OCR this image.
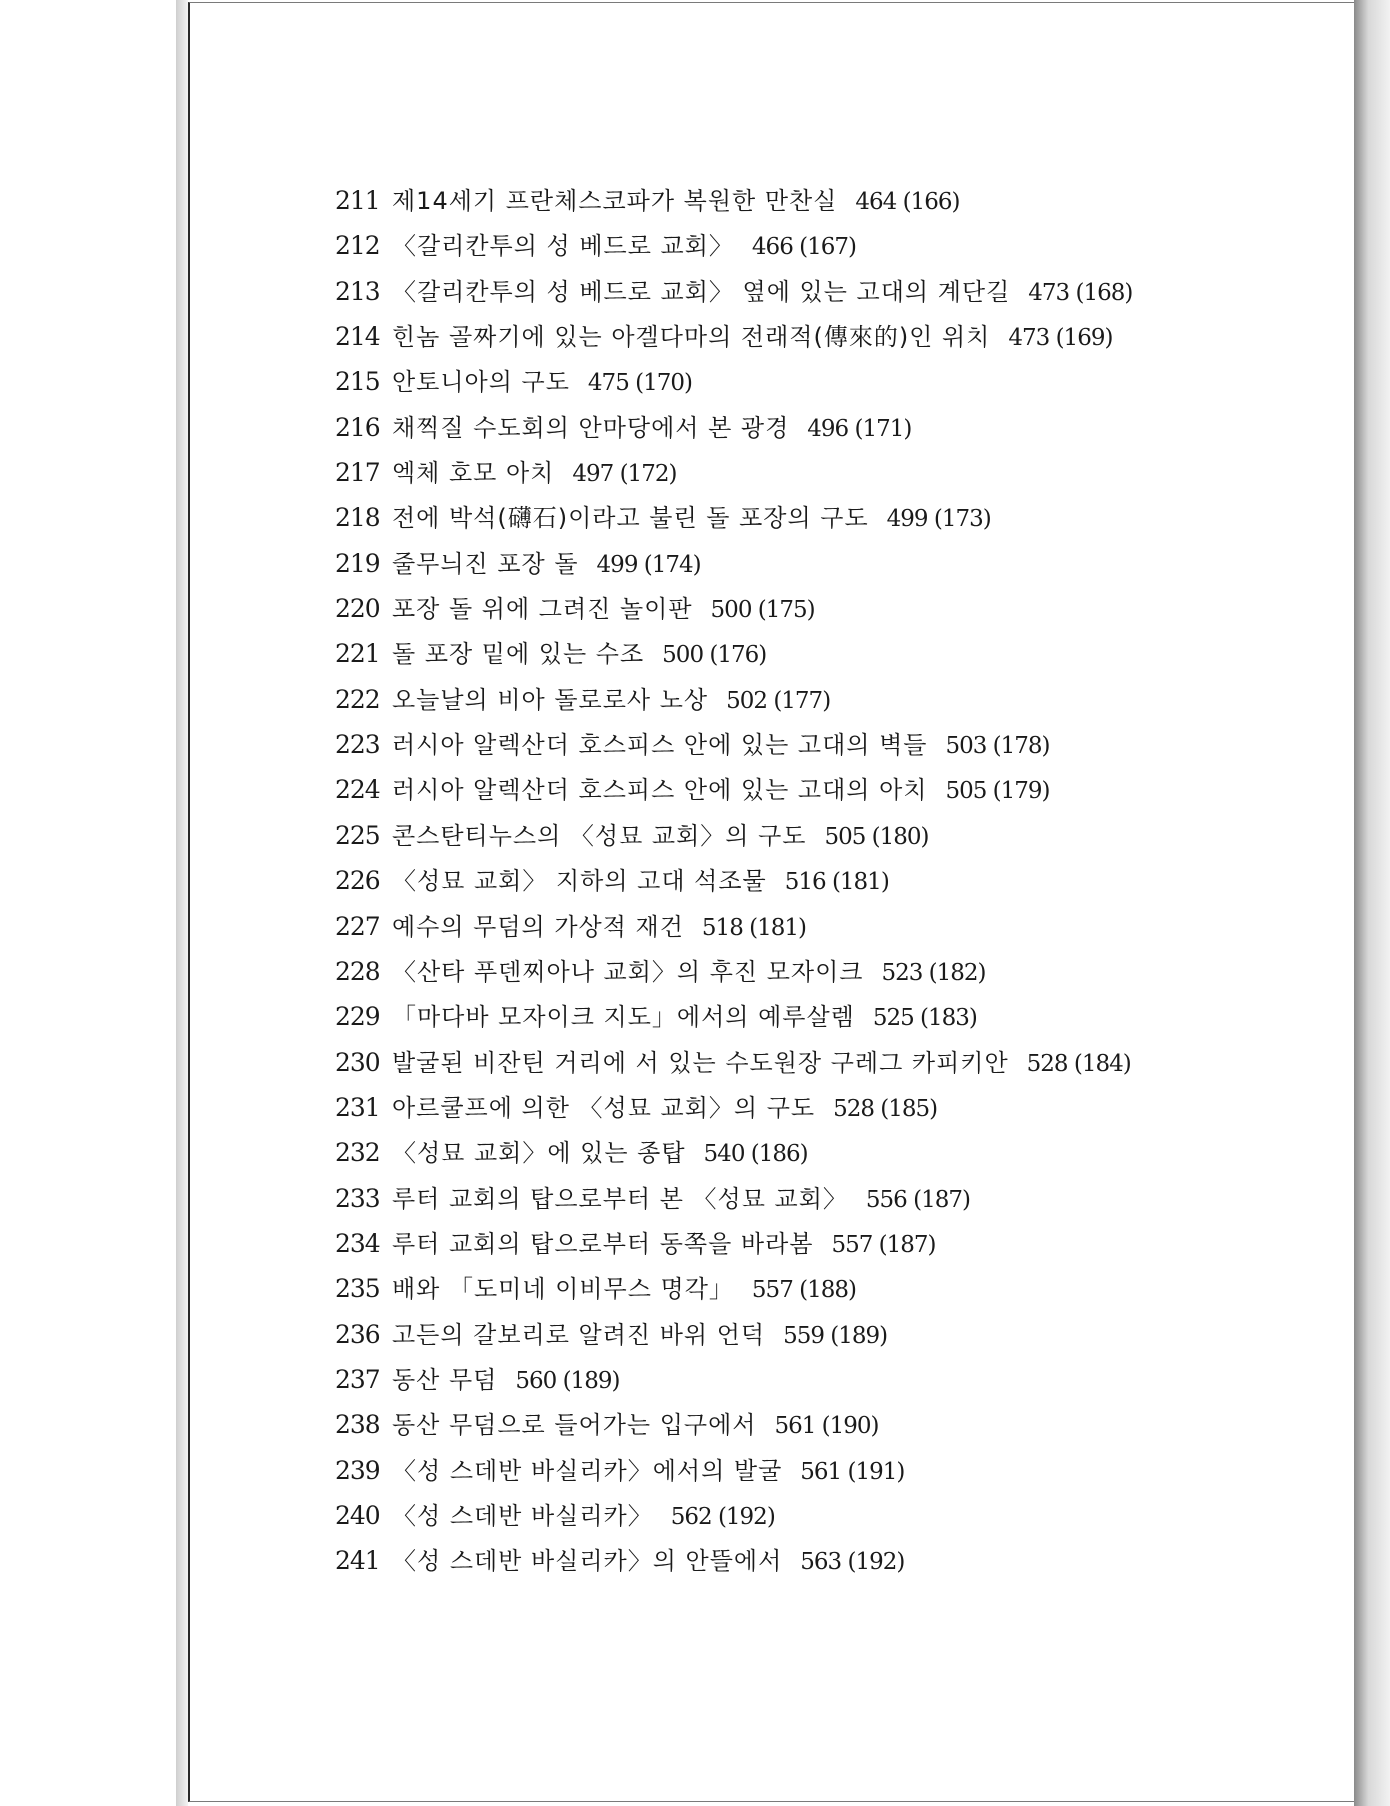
211 제14세기 프란체스코파가 복원한 만찬실 464 (166)
212 〈갈리칸투의 성 베드로 교회〉 466 (167)
213 〈갈리칸투의 성 베드로 교회〉 옆에 있는 고대의 계단길 473 (168)
214 힌놈 골짜기에 있는 아겔다마의 전래적(傳來的)인 위치 473 (169)
215 안토니아의 구도 475 (170)
216 채찍질 수도회의 안마당에서 본 광경 496 (171)
217 엑체 호모 아치 497 (172)
218 전에 박석(礴石)이라고 불린 돌 포장의 구도 499 (173)
219 줄무늬진 포장 돌 499 (174)
220 포장 돌 위에 그려진 놀이판 500 (175)
221 돌 포장 밑에 있는 수조 500 (176)
222 오늘날의 비아 돌로로사 노상 502 (177)
223 러시아 알렉산더 호스피스 안에 있는 고대의 벽들 503 (178)
224 러시아 알렉산더 호스피스 안에 있는 고대의 아치 505 (179)
225 콘스탄티누스의 〈성묘 교회〉의 구도 505 (180)
226 〈성묘 교회〉 지하의 고대 석조물 516 (181)
227 예수의 무덤의 가상적 재건 518 (181)
228 〈산타 푸덴찌아나 교회〉의 후진 모자이크 523 (182)
229 「마다바 모자이크 지도」에서의 예루살렘 525 (183)
230 발굴된 비잔틴 거리에 서 있는 수도원장 구레그 카피키안 528 (184)
231 아르쿨프에 의한 〈성묘 교회〉의 구도 528 (185)
232 〈성묘 교회〉에 있는 종탑 540 (186)
233 루터 교회의 탑으로부터 본 〈성묘 교회〉 556 (187)
234 루터 교회의 탑으로부터 동쪽을 바라봄 557 (187)
235 배와 「도미네 이비무스 명각」 557 (188)
236 고든의 갈보리로 알려진 바위 언덕 559 (189)
237 동산 무덤 560 (189)
238 동산 무덤으로 들어가는 입구에서 561 (190)
239 〈성 스데반 바실리카〉에서의 발굴 561 (191)
240 〈성 스데반 바실리카〉 562 (192)
241 〈성 스데반 바실리카〉의 안뜰에서 563 (192)
